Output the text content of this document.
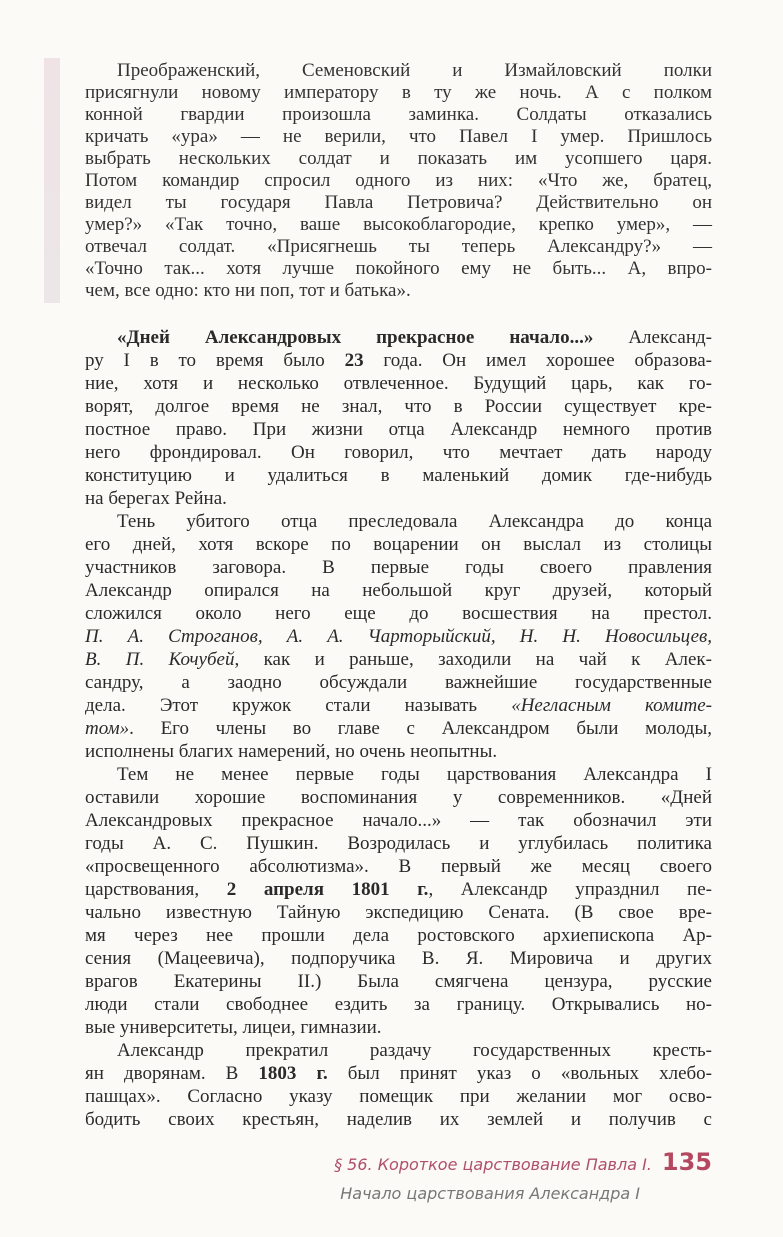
Преображенский, Семеновский и Измайловский полки
присягнули новому императору в ту же ночь. А с полком
конной гвардии произошла заминка. Солдаты отказались
кричать «ура» — не верили, что Павел I умер. Пришлось
выбрать нескольких солдат и показать им усопшего царя.
Потом командир спросил одного из них: «Что же, братец,
видел ты государя Павла Петровича? Действительно он
умер?» «Так точно, ваше высокоблагородие, крепко умер», —
отвечал солдат. «Присягнешь ты теперь Александру?» —
«Точно так... хотя лучше покойного ему не быть... А, впро-
чем, все одно: кто ни поп, тот и батька».
«Дней Александровых прекрасное начало...» Александ-
ру I в то время было 23 года. Он имел хорошее образова-
ние, хотя и несколько отвлеченное. Будущий царь, как го-
ворят, долгое время не знал, что в России существует кре-
постное право. При жизни отца Александр немного против
него фрондировал. Он говорил, что мечтает дать народу
конституцию и удалиться в маленький домик где-нибудь
на берегах Рейна.
Тень убитого отца преследовала Александра до конца
его дней, хотя вскоре по воцарении он выслал из столицы
участников заговора. В первые годы своего правления
Александр опирался на небольшой круг друзей, который
сложился около него еще до восшествия на престол.
П. А. Строганов, А. А. Чарторыйский, Н. Н. Новосильцев,
В. П. Кочубей, как и раньше, заходили на чай к Алек-
сандру, а заодно обсуждали важнейшие государственные
дела. Этот кружок стали называть «Негласным комите-
том». Его члены во главе с Александром были молоды,
исполнены благих намерений, но очень неопытны.
Тем не менее первые годы царствования Александра I
оставили хорошие воспоминания у современников. «Дней
Александровых прекрасное начало...» — так обозначил эти
годы А. С. Пушкин. Возродилась и углубилась политика
«просвещенного абсолютизма». В первый же месяц своего
царствования, 2 апреля 1801 г., Александр упразднил пе-
чально известную Тайную экспедицию Сената. (В свое вре-
мя через нее прошли дела ростовского архиепископа Ар-
сения (Мацеевича), подпоручика В. Я. Мировича и других
врагов Екатерины II.) Была смягчена цензура, русские
люди стали свободнее ездить за границу. Открывались но-
вые университеты, лицеи, гимназии.
Александр прекратил раздачу государственных кресть-
ян дворянам. В 1803 г. был принят указ о «вольных хлебо-
пашцах». Согласно указу помещик при желании мог осво-
бодить своих крестьян, наделив их землей и получив с
§ 56. Короткое царствование Павла I. 135
Начало царствования Александра I
